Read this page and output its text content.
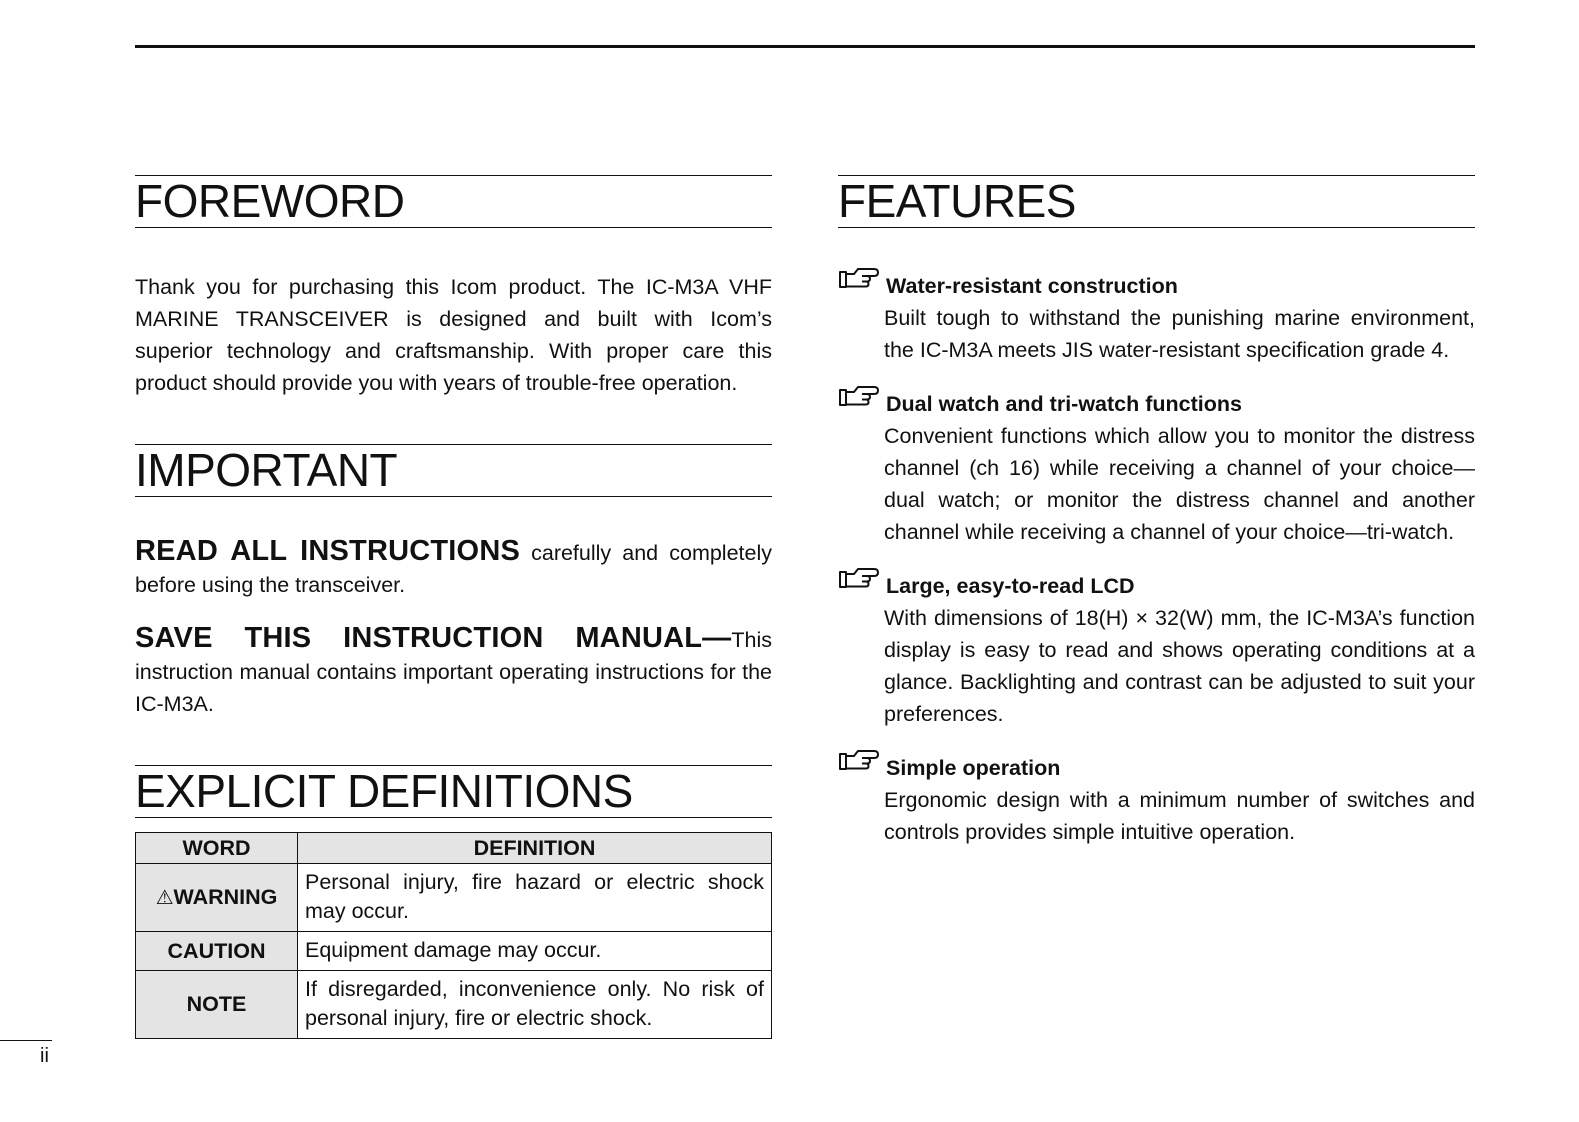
FOREWORD

Thank you for purchasing this Icom product. The IC-M3A VHF MARINE TRANSCEIVER is designed and built with Icom’s superior technology and craftsmanship. With proper care this product should provide you with years of trouble-free operation.

IMPORTANT

READ ALL INSTRUCTIONS carefully and completely before using the transceiver.

SAVE THIS INSTRUCTION MANUAL—This instruction manual contains important operating instructions for the IC-M3A.

EXPLICIT DEFINITIONS
WORD	DEFINITION
⚠WARNING	Personal injury, fire hazard or electric shock may occur.
CAUTION	Equipment damage may occur.
NOTE	If disregarded, inconvenience only. No risk of personal injury, fire or electric shock.
FEATURES
Water-resistant construction
Built tough to withstand the punishing marine environment, the IC-M3A meets JIS water-resistant specification grade 4.
Dual watch and tri-watch functions
Convenient functions which allow you to monitor the distress channel (ch 16) while receiving a channel of your choice—dual watch; or monitor the distress channel and another channel while receiving a channel of your choice—tri-watch.
Large, easy-to-read LCD
With dimensions of 18(H) × 32(W) mm, the IC-M3A’s function display is easy to read and shows operating conditions at a glance. Backlighting and contrast can be adjusted to suit your preferences.
Simple operation
Ergonomic design with a minimum number of switches and controls provides simple intuitive operation.
ii
